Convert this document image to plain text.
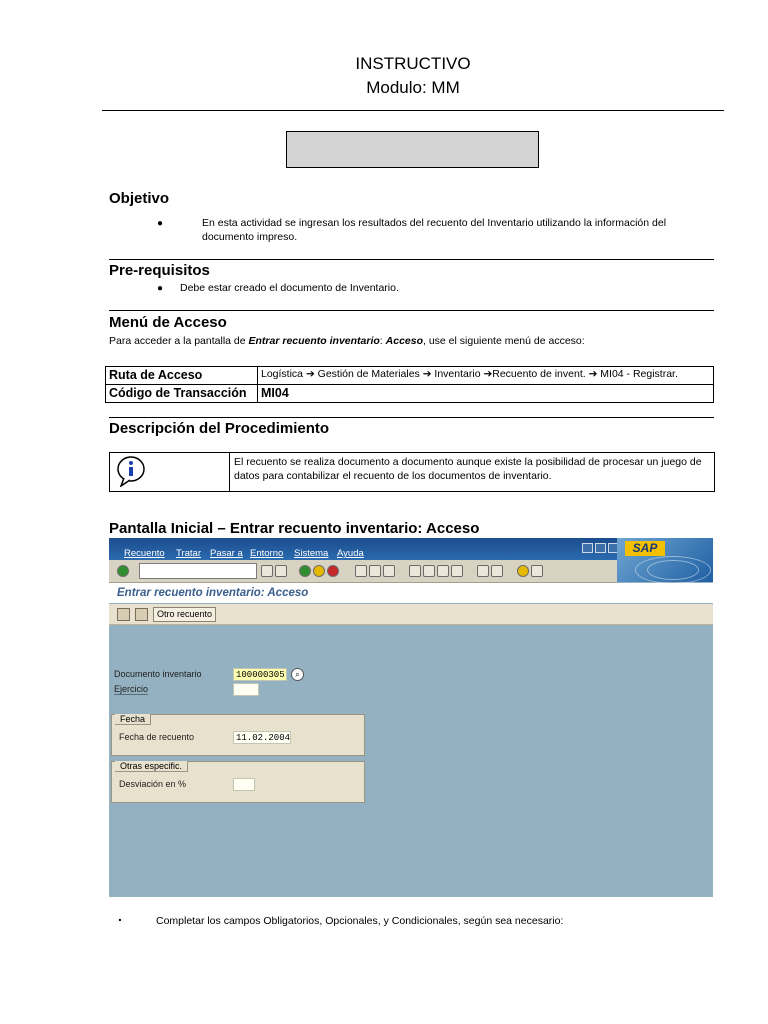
INSTRUCTIVO
Modulo: MM
Objetivo
●	En esta actividad se ingresan los resultados del recuento del Inventario utilizando la información del
documento impreso.
Pre-requisitos
● Debe estar creado el documento de Inventario.
Menú de Acceso
Para acceder a la pantalla de Entrar recuento inventario: Acceso, use el siguiente menú de acceso:
Ruta de Acceso	Logística ➔ Gestión de Materiales ➔ Inventario ➔Recuento de invent. ➔ MI04 - Registrar.
Código de Transacción	MI04
Descripción del Procedimiento
El recuento se realiza documento a documento aunque existe la posibilidad de procesar un juego de
datos para contabilizar el recuento de los documentos de inventario.
Pantalla Inicial – Entrar recuento inventario: Acceso
Recuento Tratar Pasar a Entorno Sistema Ayuda	SAP
Entrar recuento inventario: Acceso
Otro recuento
Documento inventario	100000305	⌕
Ejercicio
Fecha
Fecha de recuento	11.02.2004
Otras especific.
Desviación en %
.	Completar los campos Obligatorios, Opcionales, y Condicionales, según sea necesario:
